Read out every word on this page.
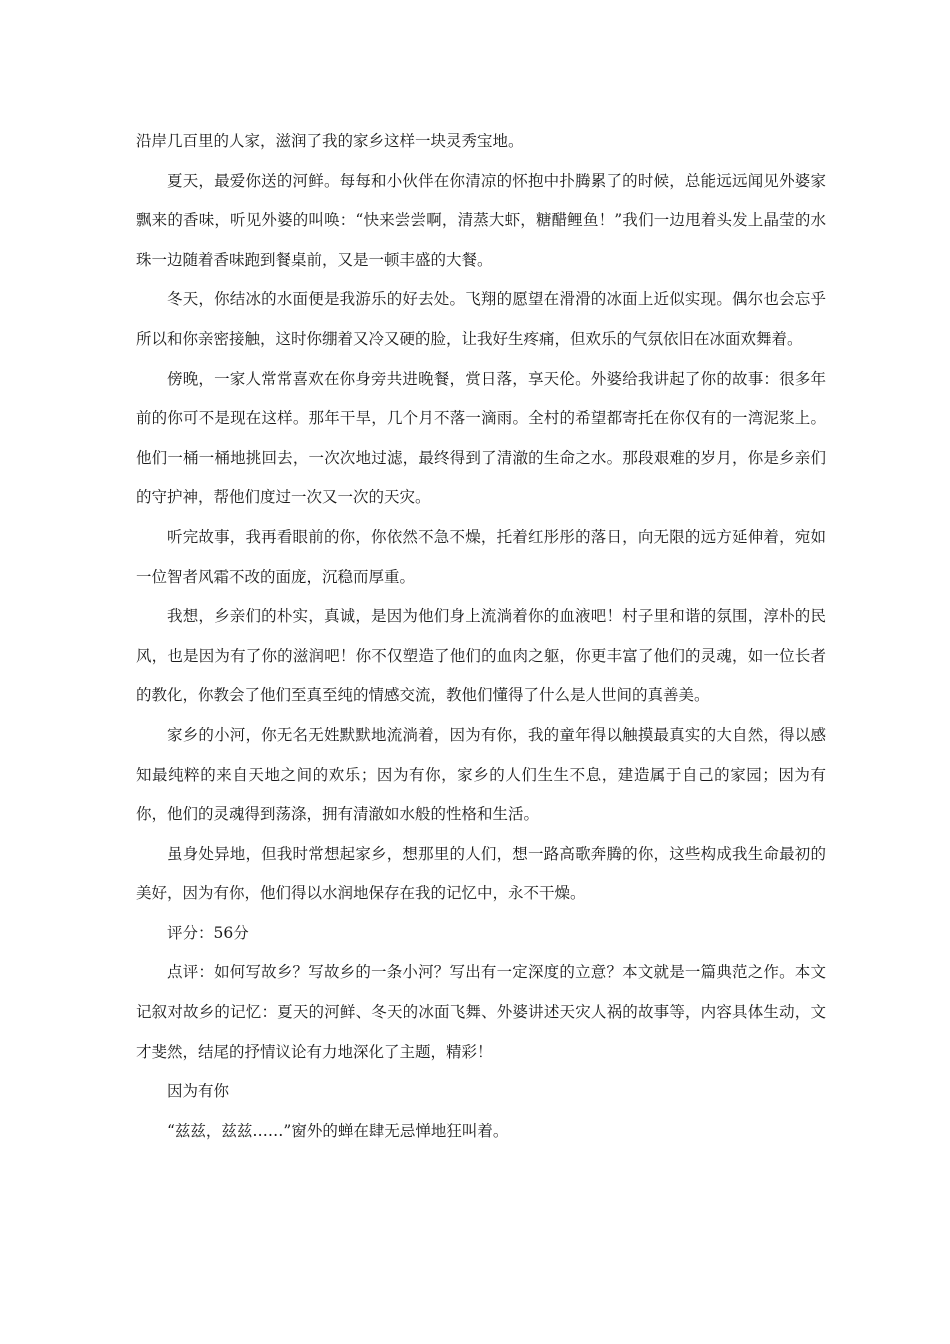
沿岸几百里的人家，滋润了我的家乡这样一块灵秀宝地。

夏天，最爱你送的河鲜。每每和小伙伴在你清凉的怀抱中扑腾累了的时候，总能远远闻见外婆家飘来的香味，听见外婆的叫唤：“快来尝尝啊，清蒸大虾，糖醋鲤鱼！”我们一边甩着头发上晶莹的水珠一边随着香味跑到餐桌前，又是一顿丰盛的大餐。

冬天，你结冰的水面便是我游乐的好去处。飞翔的愿望在滑滑的冰面上近似实现。偶尔也会忘乎所以和你亲密接触，这时你绷着又冷又硬的脸，让我好生疼痛，但欢乐的气氛依旧在冰面欢舞着。

傍晚，一家人常常喜欢在你身旁共进晚餐，赏日落，享天伦。外婆给我讲起了你的故事：很多年前的你可不是现在这样。那年干旱，几个月不落一滴雨。全村的希望都寄托在你仅有的一湾泥浆上。他们一桶一桶地挑回去，一次次地过滤，最终得到了清澈的生命之水。那段艰难的岁月，你是乡亲们的守护神，帮他们度过一次又一次的天灾。

听完故事，我再看眼前的你，你依然不急不燥，托着红彤彤的落日，向无限的远方延伸着，宛如一位智者风霜不改的面庞，沉稳而厚重。

我想，乡亲们的朴实，真诚，是因为他们身上流淌着你的血液吧！村子里和谐的氛围，淳朴的民风，也是因为有了你的滋润吧！你不仅塑造了他们的血肉之躯，你更丰富了他们的灵魂，如一位长者的教化，你教会了他们至真至纯的情感交流，教他们懂得了什么是人世间的真善美。

家乡的小河，你无名无姓默默地流淌着，因为有你，我的童年得以触摸最真实的大自然，得以感知最纯粹的来自天地之间的欢乐；因为有你，家乡的人们生生不息，建造属于自己的家园；因为有你，他们的灵魂得到荡涤，拥有清澈如水般的性格和生活。

虽身处异地，但我时常想起家乡，想那里的人们，想一路高歌奔腾的你，这些构成我生命最初的美好，因为有你，他们得以水润地保存在我的记忆中，永不干燥。

评分：56分

点评：如何写故乡？写故乡的一条小河？写出有一定深度的立意？本文就是一篇典范之作。本文记叙对故乡的记忆：夏天的河鲜、冬天的冰面飞舞、外婆讲述天灾人祸的故事等，内容具体生动，文才斐然，结尾的抒情议论有力地深化了主题，精彩！

因为有你

“兹兹，兹兹……”窗外的蝉在肆无忌惮地狂叫着。
